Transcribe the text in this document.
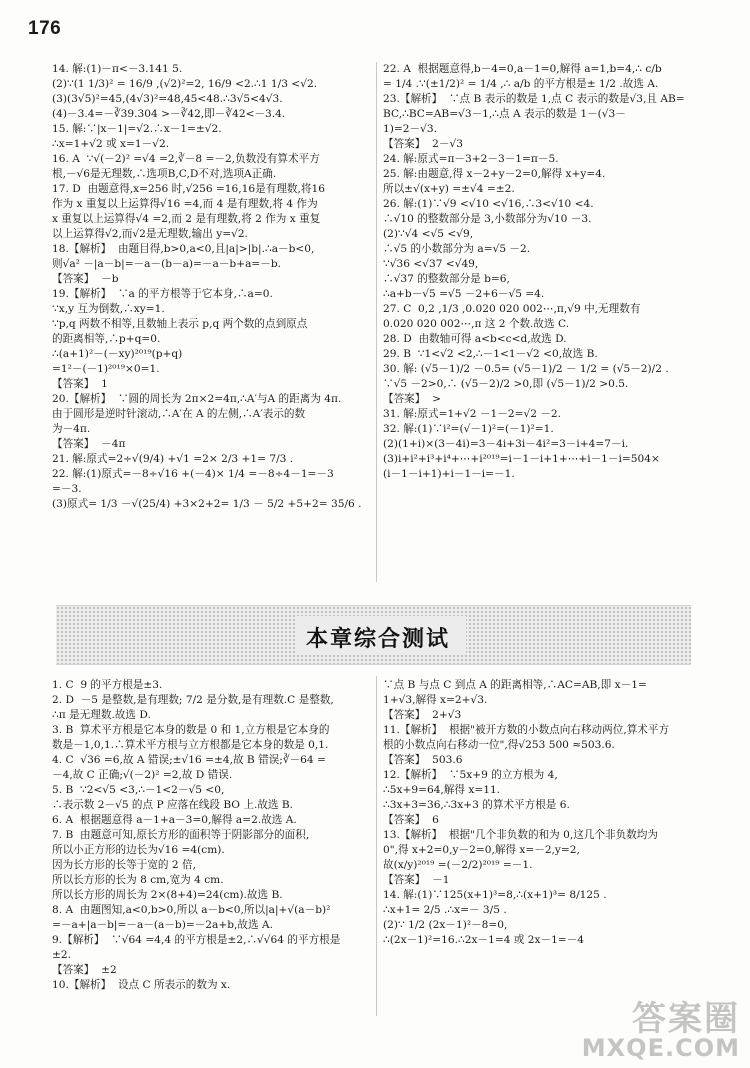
176
14. 解:(1)－π<－3.141 5.
(2)∵(1 1/3)² = 16/9 ,(√2)²=2, 16/9 <2.∴1 1/3 <√2.
(3)(3√5)²=45,(4√3)²=48,45<48.∴3√5<4√3.
(4)－3.4=－∛39.304 >－∛42,即－∛42<－3.4.
15. 解:∵|x－1|=√2.∴x－1=±√2.
∴x=1+√2 或 x=1－√2.
16. A  ∵√(－2)² =√4 =2,∛－8 =－2,负数没有算术平方
根,－√6是无理数,∴选项B,C,D不对,选项A正确.
17. D  由题意得,x=256 时,√256 =16,16是有理数,将16
作为 x 重复以上运算得√16 =4,而 4 是有理数,将 4 作为
x 重复以上运算得√4 =2,而 2 是有理数,将 2 作为 x 重复
以上运算得√2,而√2是无理数,输出 y=√2.
18.【解析】  由题目得,b>0,a<0,且|a|>|b|.∴a－b<0,
则√a² －|a－b|=－a－(b－a)=－a－b+a=－b.
【答案】  －b
19.【解析】  ∵a 的平方根等于它本身,∴a=0.
∵x,y 互为倒数,∴xy=1.
∵p,q 两数不相等,且数轴上表示 p,q 两个数的点到原点
的距离相等,∴p+q=0.
∴(a+1)²－(－xy)²⁰¹⁹(p+q)
=1²－(－1)²⁰¹⁹×0=1.
【答案】  1
20.【解析】  ∵圆的周长为 2π×2=4π,∴A′与A 的距离为 4π.
由于圆形是逆时针滚动,∴A′在 A 的左侧,∴A′表示的数
为－4π.
【答案】  －4π
21. 解:原式=2÷√(9/4) +√1 =2× 2/3 +1= 7/3 .
22. 解:(1)原式=－8÷√16 +(－4)× 1/4 =－8÷4－1=－3
=－3.
(3)原式= 1/3 －√(25/4) +3×2+2= 1/3 － 5/2 +5+2= 35/6 .
22. A  根据题意得,b－4=0,a－1=0,解得 a=1,b=4,∴ c/b
= 1/4 .∵(±1/2)² = 1/4 ,∴ a/b 的平方根是± 1/2 .故选 A.
23.【解析】  ∵点 B 表示的数是 1,点 C 表示的数是√3,且 AB=
BC,∴BC=AB=√3－1,∴点 A 表示的数是 1－(√3－
1)=2－√3.
【答案】  2－√3
24. 解:原式=π－3+2－3－1=π－5.
25. 解:由题意,得 x－2+y－2=0,解得 x+y=4.
所以±√(x+y) =±√4 =±2.
26. 解:(1)∵√9 <√10 <√16,∴3<√10 <4.
∴√10 的整数部分是 3,小数部分为√10 －3.
(2)∵√4 <√5 <√9,
∴√5 的小数部分为 a=√5 －2.
∵√36 <√37 <√49,
∴√37 的整数部分是 b=6,
∴a+b－√5 =√5 －2+6－√5 =4.
27. C  0,2 ,1/3 ,0.020 020 002⋯,π,√9 中,无理数有
0.020 020 002⋯,π 这 2 个数.故选 C.
28. D  由数轴可得 a<b<c<d,故选 D.
29. B  ∵1<√2 <2,∴－1<1－√2 <0,故选 B.
30. 解: (√5－1)/2 －0.5= (√5－1)/2 － 1/2 = (√5－2)/2 .
∵√5 －2>0,∴ (√5－2)/2 >0,即 (√5－1)/2 >0.5.
【答案】  >
31. 解:原式=1+√2 －1－2=√2 －2.
32. 解:(1)∵i²=(√－1)²=(－1)²=1.
(2)(1+i)×(3－4i)=3－4i+3i－4i²=3－i+4=7－i.
(3)i+i²+i³+i⁴+⋯+i²⁰¹⁹=i－1－i+1+⋯+i－1－i=504×
(i－1－i+1)+i－1－i=－1.
本章综合测试
1. C  9 的平方根是±3.
2. D  －5 是整数,是有理数; 7/2 是分数,是有理数.C 是整数,
∴π 是无理数.故选 D.
3. B  算术平方根是它本身的数是 0 和 1,立方根是它本身的
数是－1,0,1.∴算术平方根与立方根都是它本身的数是 0,1.
4. C  √36 =6,故 A 错误;±√16 =±4,故 B 错误;∛－64 =
－4,故 C 正确;√(－2)² =2,故 D 错误.
5. B  ∵2<√5 <3,∴－1<2－√5 <0,
∴表示数 2－√5 的点 P 应落在线段 BO 上.故选 B.
6. A  根据题意得 a－1+a－3=0,解得 a=2.故选 A.
7. B  由题意可知,原长方形的面积等于阴影部分的面积,
所以小正方形的边长为√16 =4(cm).
因为长方形的长等于宽的 2 倍,
所以长方形的长为 8 cm,宽为 4 cm.
所以长方形的周长为 2×(8+4)=24(cm).故选 B.
8. A  由题图知,a<0,b>0,所以 a－b<0,所以|a|+√(a－b)²
=－a+|a－b|=－a－(a－b)=－2a+b,故选 A.
9.【解析】  ∵√64 =4,4 的平方根是±2,∴√√64 的平方根是
±2.
【答案】  ±2
10.【解析】  设点 C 所表示的数为 x.
∵点 B 与点 C 到点 A 的距离相等,∴AC=AB,即 x－1=
1+√3,解得 x=2+√3.
【答案】  2+√3
11.【解析】  根据"被开方数的小数点向右移动两位,算术平方
根的小数点向右移动一位",得√253 500 ≈503.6.
【答案】  503.6
12.【解析】  ∵5x+9 的立方根为 4,
∴5x+9=64,解得 x=11.
∴3x+3=36,∴3x+3 的算术平方根是 6.
【答案】  6
13.【解析】  根据"几个非负数的和为 0,这几个非负数均为
0",得 x+2=0,y－2=0,解得 x=－2,y=2,
故(x/y)²⁰¹⁹ =(－2/2)²⁰¹⁹ =－1.
【答案】  －1
14. 解:(1)∵125(x+1)³=8,∴(x+1)³= 8/125 .
∴x+1= 2/5 .∴x=－ 3/5 .
(2)∵ 1/2 (2x－1)²－8=0,
∴(2x－1)²=16.∴2x－1=4 或 2x－1=－4
答案圈
MXQE.COM
